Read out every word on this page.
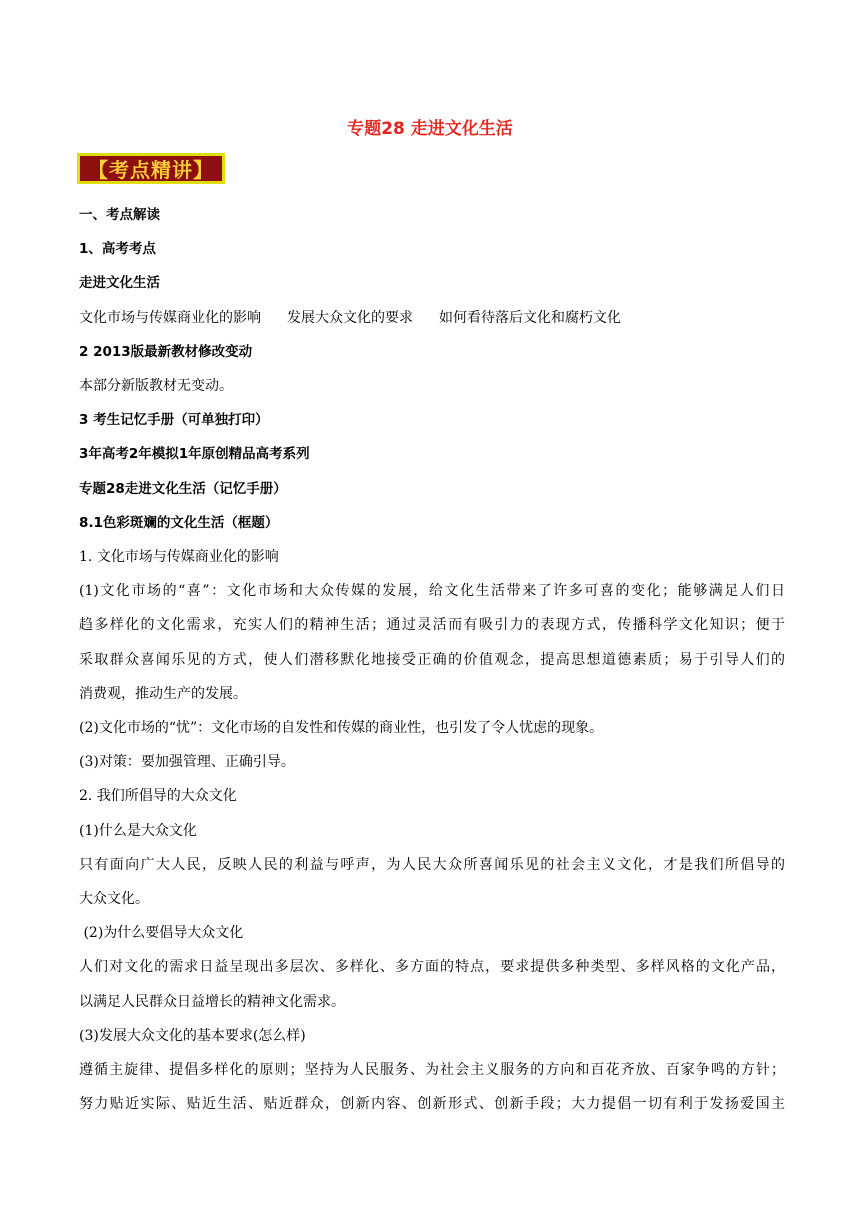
专题28 走进文化生活
【考点精讲】
一、考点解读
1、高考考点
走进文化生活
文化市场与传媒商业化的影响 发展大众文化的要求 如何看待落后文化和腐朽文化
2 2013版最新教材修改变动
本部分新版教材无变动。
3 考生记忆手册（可单独打印）
3年高考2年模拟1年原创精品高考系列
专题28走进文化生活（记忆手册）
8.1色彩斑斓的文化生活（框题）
1. 文化市场与传媒商业化的影响
(1)文化市场的“喜”：文化市场和大众传媒的发展，给文化生活带来了许多可喜的变化；能够满足人们日
趋多样化的文化需求，充实人们的精神生活；通过灵活而有吸引力的表现方式，传播科学文化知识；便于
采取群众喜闻乐见的方式，使人们潜移默化地接受正确的价值观念，提高思想道德素质；易于引导人们的
消费观，推动生产的发展。
(2)文化市场的“忧”：文化市场的自发性和传媒的商业性，也引发了令人忧虑的现象。
(3)对策：要加强管理、正确引导。
2. 我们所倡导的大众文化
(1)什么是大众文化
只有面向广大人民，反映人民的利益与呼声，为人民大众所喜闻乐见的社会主义文化，才是我们所倡导的
大众文化。
(2)为什么要倡导大众文化
人们对文化的需求日益呈现出多层次、多样化、多方面的特点，要求提供多种类型、多样风格的文化产品，
以满足人民群众日益增长的精神文化需求。
(3)发展大众文化的基本要求(怎么样)
遵循主旋律、提倡多样化的原则；坚持为人民服务、为社会主义服务的方向和百花齐放、百家争鸣的方针；
努力贴近实际、贴近生活、贴近群众，创新内容、创新形式、创新手段；大力提倡一切有利于发扬爱国主
